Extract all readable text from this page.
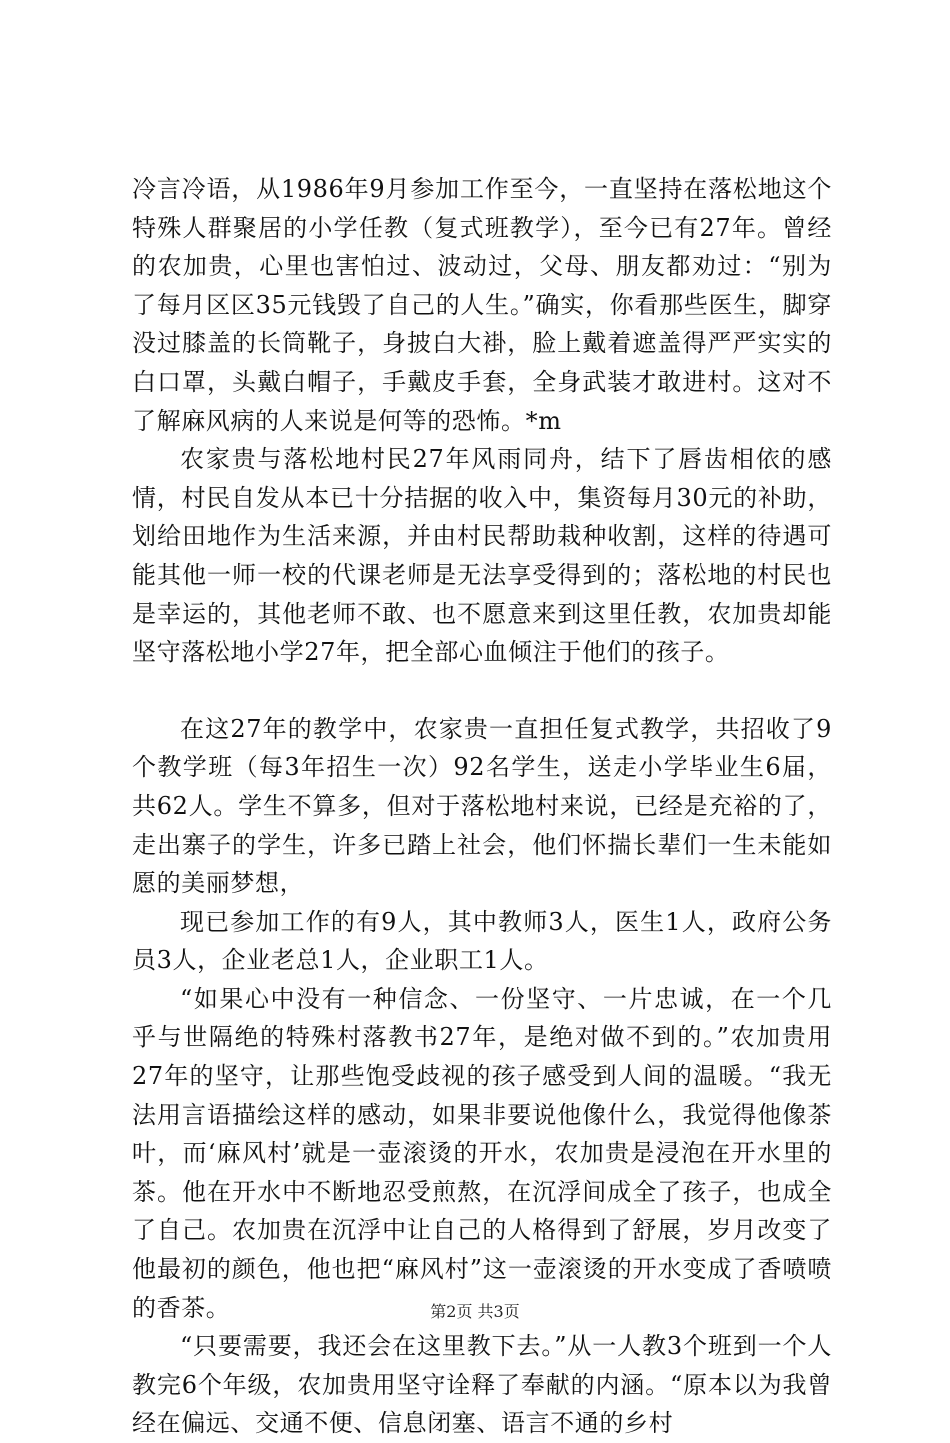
冷言冷语，从1986年9月参加工作至今，一直坚持在落松地这个特殊人群聚居的小学任教（复式班教学），至今已有27年。曾经的农加贵，心里也害怕过、波动过，父母、朋友都劝过：“别为了每月区区35元钱毁了自己的人生。”确实，你看那些医生，脚穿没过膝盖的长筒靴子，身披白大褂，脸上戴着遮盖得严严实实的白口罩，头戴白帽子，手戴皮手套，全身武装才敢进村。这对不了解麻风病的人来说是何等的恐怖。*m

农家贵与落松地村民27年风雨同舟，结下了唇齿相依的感情，村民自发从本已十分拮据的收入中，集资每月30元的补助，划给田地作为生活来源，并由村民帮助栽种收割，这样的待遇可能其他一师一校的代课老师是无法享受得到的；落松地的村民也是幸运的，其他老师不敢、也不愿意来到这里任教，农加贵却能坚守落松地小学27年，把全部心血倾注于他们的孩子。

在这27年的教学中，农家贵一直担任复式教学，共招收了9个教学班（每3年招生一次）92名学生，送走小学毕业生6届，共62人。学生不算多，但对于落松地村来说，已经是充裕的了，走出寨子的学生，许多已踏上社会，他们怀揣长辈们一生未能如愿的美丽梦想，

现已参加工作的有9人，其中教师3人，医生1人，政府公务员3人，企业老总1人，企业职工1人。

“如果心中没有一种信念、一份坚守、一片忠诚，在一个几乎与世隔绝的特殊村落教书27年，是绝对做不到的。”农加贵用27年的坚守，让那些饱受歧视的孩子感受到人间的温暖。“我无法用言语描绘这样的感动，如果非要说他像什么，我觉得他像茶叶，而‘麻风村’就是一壶滚烫的开水，农加贵是浸泡在开水里的茶。他在开水中不断地忍受煎熬，在沉浮间成全了孩子，也成全了自己。农加贵在沉浮中让自己的人格得到了舒展，岁月改变了他最初的颜色，他也把“麻风村”这一壶滚烫的开水变成了香喷喷的香茶。

“只要需要，我还会在这里教下去。”从一人教3个班到一个人教完6个年级，农加贵用坚守诠释了奉献的内涵。“原本以为我曾经在偏远、交通不便、信息闭塞、语言不通的乡村

第2页 共3页
